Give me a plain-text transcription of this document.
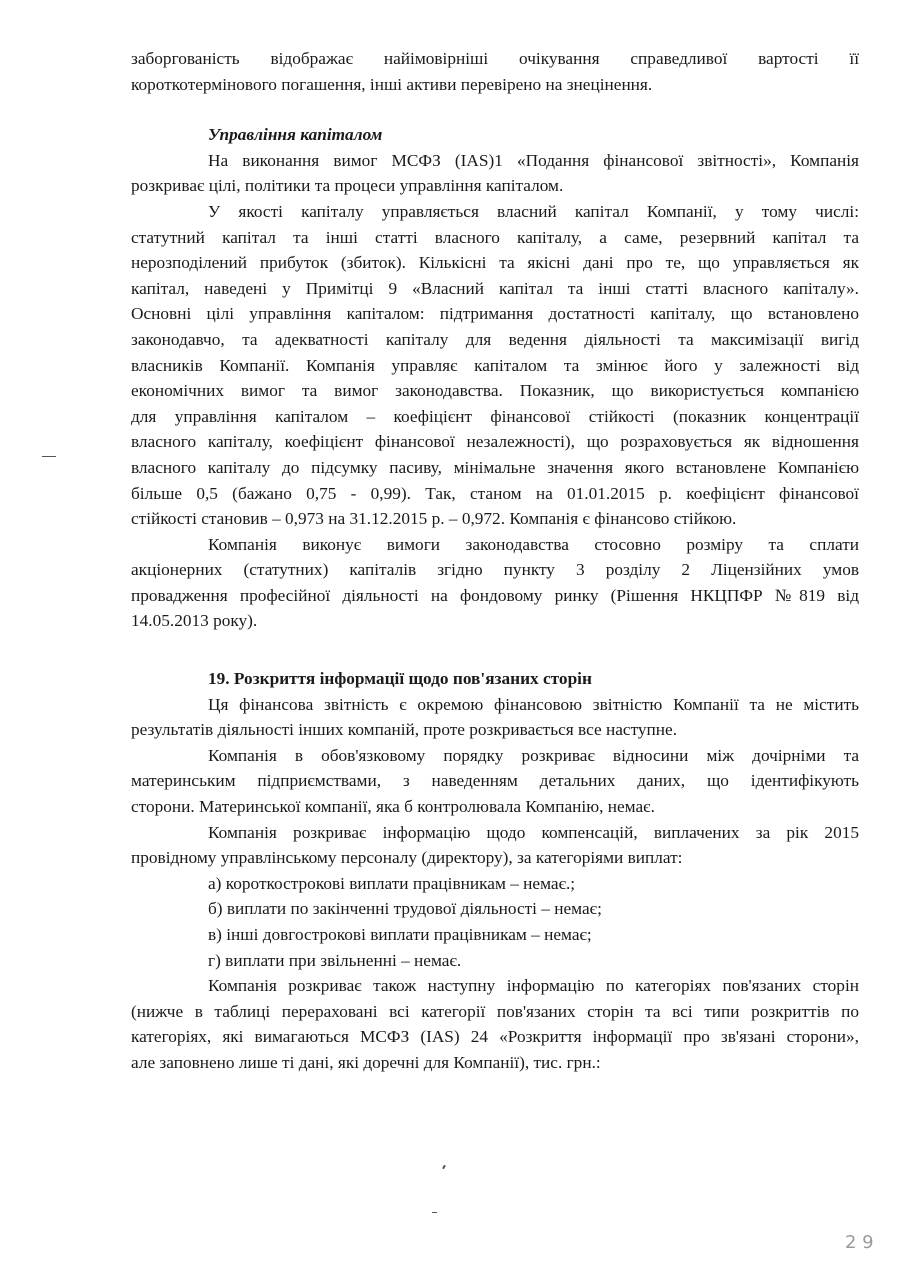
заборгованість відображає найімовірніші очікування справедливої вартості її
короткотермінового погашення, інші активи перевірено на знецінення.
Управління капіталом
На виконання вимог МСФЗ (IAS)1 «Подання фінансової звітності», Компанія
розкриває цілі, політики та процеси управління капіталом.
У якості капіталу управляється власний капітал Компанії, у тому числі:
статутний капітал та інші статті власного капіталу, а саме, резервний капітал та
нерозподілений прибуток (збиток). Кількісні та якісні дані про те, що управляється як
капітал, наведені у Примітці 9 «Власний капітал та інші статті власного капіталу».
Основні цілі управління капіталом: підтримання достатності капіталу, що встановлено
законодавчо, та адекватності капіталу для ведення діяльності та максимізації вигід
власників Компанії. Компанія управляє капіталом та змінює його у залежності від
економічних вимог та вимог законодавства. Показник, що використується компанією
для управління капіталом – коефіцієнт фінансової стійкості (показник концентрації
власного капіталу, коефіцієнт фінансової незалежності), що розраховується як відношення
власного капіталу до підсумку пасиву, мінімальне значення якого встановлене Компанією
більше 0,5 (бажано 0,75 - 0,99). Так, станом на 01.01.2015 р. коефіцієнт фінансової
стійкості становив – 0,973 на 31.12.2015 р. – 0,972. Компанія є фінансово стійкою.
Компанія виконує вимоги законодавства стосовно розміру та сплати
акціонерних (статутних) капіталів згідно пункту 3 розділу 2 Ліцензійних умов
провадження професійної діяльності на фондовому ринку (Рішення НКЦПФР №819 від
14.05.2013 року).
19. Розкриття інформації щодо пов'язаних сторін
Ця фінансова звітність є окремою фінансовою звітністю Компанії та не містить
результатів діяльності інших компаній, проте розкривається все наступне.
Компанія в обов'язковому порядку розкриває відносини між дочірніми та
материнським підприємствами, з наведенням детальних даних, що ідентифікують
сторони. Материнської компанії, яка б контролювала Компанію, немає.
Компанія розкриває інформацію щодо компенсацій, виплачених за рік 2015
провідному управлінському персоналу (директору), за категоріями виплат:
а) короткострокові виплати працівникам – немає.;
б) виплати по закінченні трудової діяльності – немає;
в) інші довгострокові виплати працівникам – немає;
г) виплати при звільненні – немає.
Компанія розкриває також наступну інформацію по категоріях пов'язаних сторін
(нижче в таблиці перераховані всі категорії пов'язаних сторін та всі типи розкриттів по
категоріях, які вимагаються МСФЗ (IAS) 24 «Розкриття інформації про зв'язані сторони»,
але заповнено лише ті дані, які доречні для Компанії), тис. грн.:
2 9
